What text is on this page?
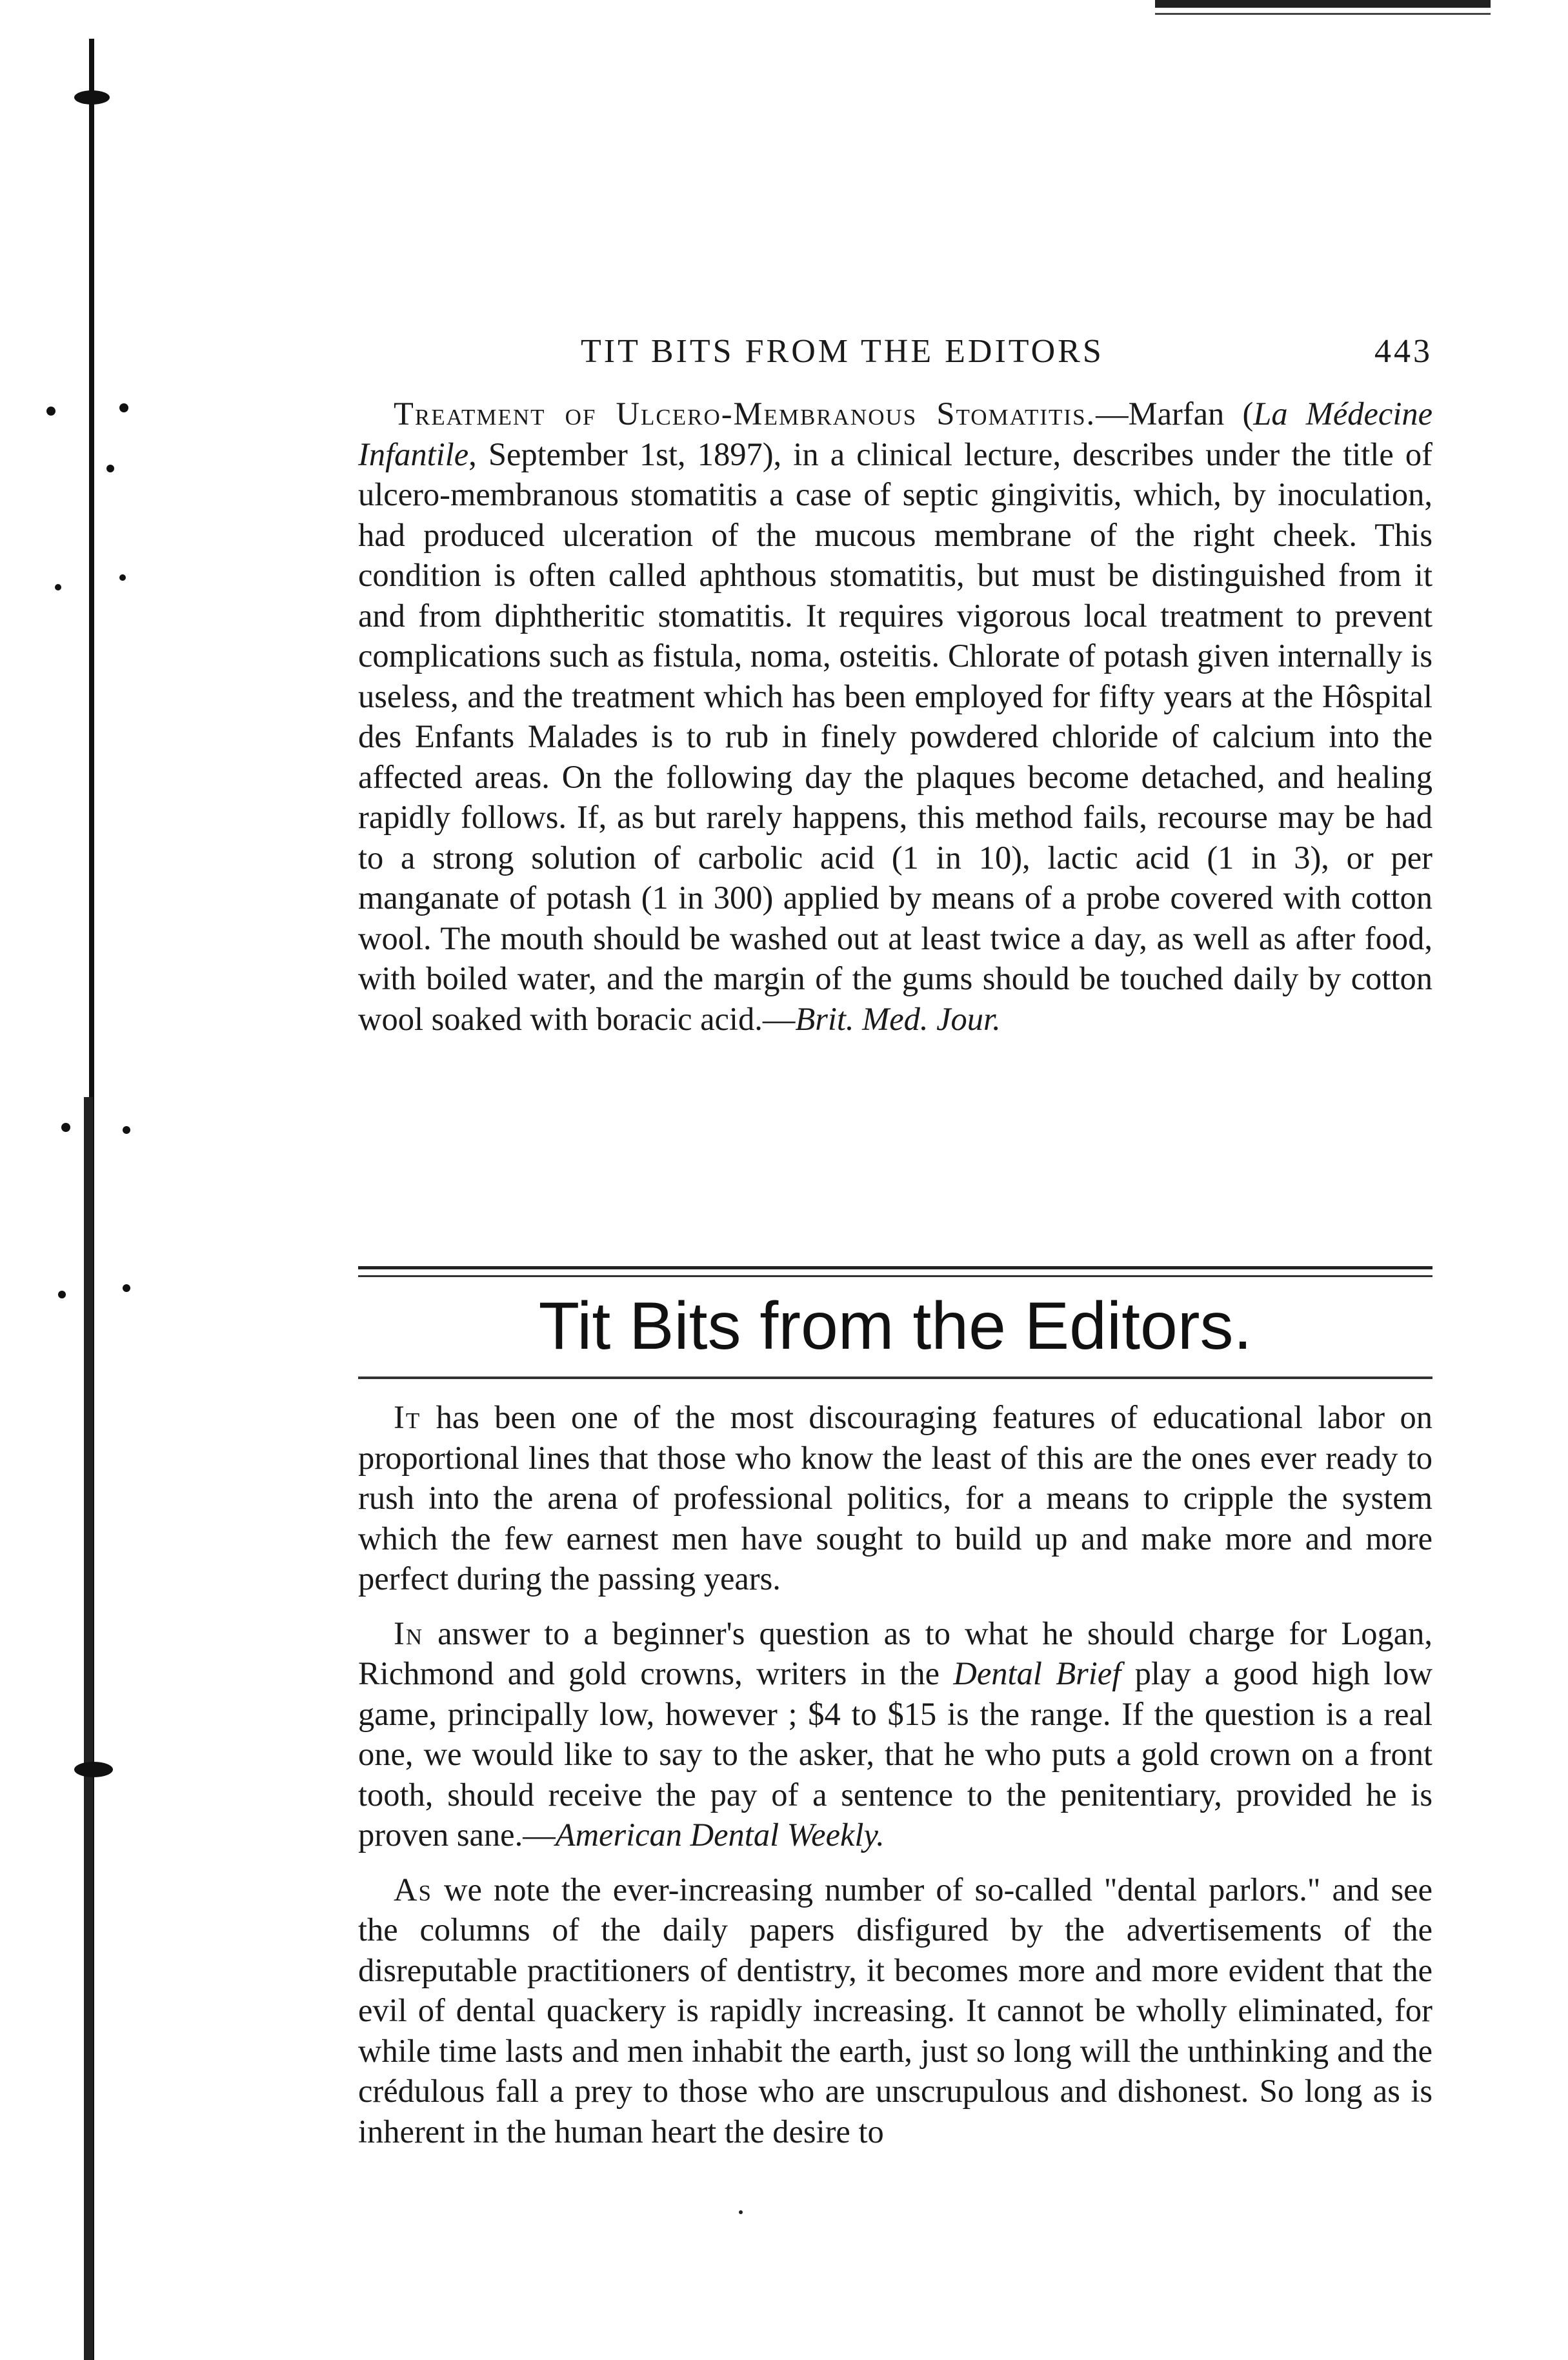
TIT BITS FROM THE EDITORS	443

Treatment of Ulcero-Membranous Stomatitis.—Marfan (La Médecine Infantile, September 1st, 1897), in a clinical lecture, describes under the title of ulcero-membranous stomatitis a case of septic gingivitis, which, by inoculation, had produced ulceration of the mucous membrane of the right cheek. This condition is often called aphthous stomatitis, but must be distinguished from it and from diphtheritic stomatitis. It requires vigorous local treatment to prevent complications such as fistula, noma, osteitis. Chlorate of potash given internally is useless, and the treatment which has been employed for fifty years at the Hôspital des Enfants Malades is to rub in finely powdered chloride of calcium into the affected areas. On the following day the plaques become detached, and healing rapidly follows. If, as but rarely happens, this method fails, recourse may be had to a strong solution of carbolic acid (1 in 10), lactic acid (1 in 3), or per manganate of potash (1 in 300) applied by means of a probe covered with cotton wool. The mouth should be washed out at least twice a day, as well as after food, with boiled water, and the margin of the gums should be touched daily by cotton wool soaked with boracic acid.—Brit. Med. Jour.

Tit Bits from the Editors.

It has been one of the most discouraging features of educational labor on proportional lines that those who know the least of this are the ones ever ready to rush into the arena of professional politics, for a means to cripple the system which the few earnest men have sought to build up and make more and more perfect during the passing years.

In answer to a beginner's question as to what he should charge for Logan, Richmond and gold crowns, writers in the Dental Brief play a good high low game, principally low, however ; $4 to $15 is the range. If the question is a real one, we would like to say to the asker, that he who puts a gold crown on a front tooth, should receive the pay of a sentence to the penitentiary, provided he is proven sane.—American Dental Weekly.

As we note the ever-increasing number of so-called "dental parlors." and see the columns of the daily papers disfigured by the advertisements of the disreputable practitioners of dentistry, it becomes more and more evident that the evil of dental quackery is rapidly increasing. It cannot be wholly eliminated, for while time lasts and men inhabit the earth, just so long will the unthinking and the crédulous fall a prey to those who are unscrupulous and dishonest. So long as is inherent in the human heart the desire to
